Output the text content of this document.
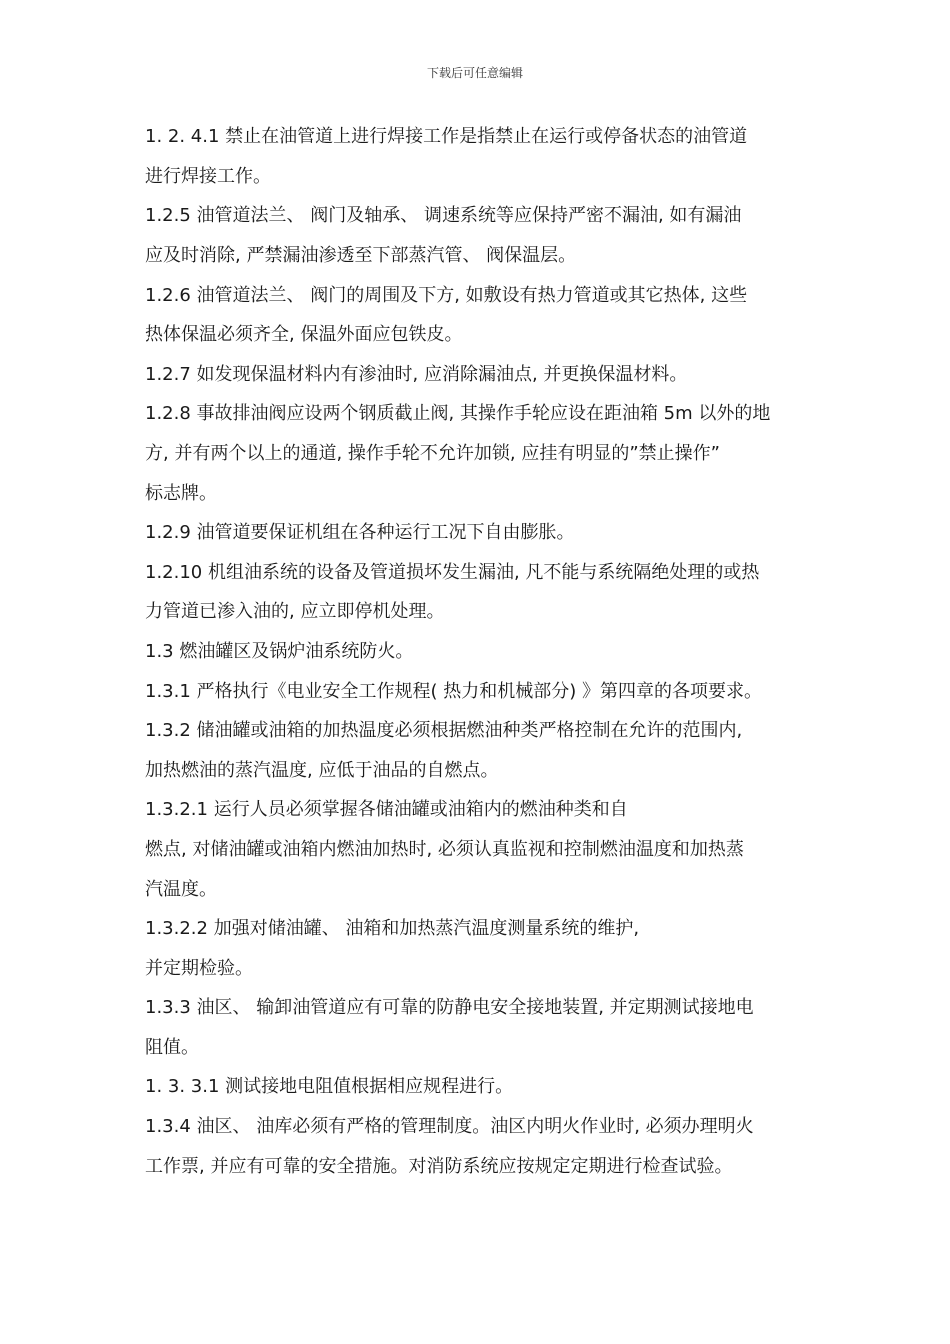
下载后可任意编辑
1. 2. 4.1 禁止在油管道上进行焊接工作是指禁止在运行或停备状态的油管道
进行焊接工作。
1.2.5 油管道法兰、 阀门及轴承、 调速系统等应保持严密不漏油, 如有漏油
应及时消除, 严禁漏油渗透至下部蒸汽管、 阀保温层。
1.2.6 油管道法兰、 阀门的周围及下方, 如敷设有热力管道或其它热体, 这些
热体保温必须齐全, 保温外面应包铁皮。
1.2.7 如发现保温材料内有渗油时, 应消除漏油点, 并更换保温材料。
1.2.8 事故排油阀应设两个钢质截止阀, 其操作手轮应设在距油箱 5m 以外的地
方, 并有两个以上的通道, 操作手轮不允许加锁, 应挂有明显的”禁止操作”
标志牌。
1.2.9 油管道要保证机组在各种运行工况下自由膨胀。
1.2.10 机组油系统的设备及管道损坏发生漏油, 凡不能与系统隔绝处理的或热
力管道已渗入油的, 应立即停机处理。
1.3 燃油罐区及锅炉油系统防火。
1.3.1 严格执行《电业安全工作规程( 热力和机械部分) 》第四章的各项要求。
1.3.2 储油罐或油箱的加热温度必须根据燃油种类严格控制在允许的范围内,
加热燃油的蒸汽温度, 应低于油品的自燃点。
1.3.2.1 运行人员必须掌握各储油罐或油箱内的燃油种类和自
燃点, 对储油罐或油箱内燃油加热时, 必须认真监视和控制燃油温度和加热蒸
汽温度。
1.3.2.2 加强对储油罐、 油箱和加热蒸汽温度测量系统的维护,
并定期检验。
1.3.3 油区、 输卸油管道应有可靠的防静电安全接地装置, 并定期测试接地电
阻值。
1. 3. 3.1 测试接地电阻值根据相应规程进行。
1.3.4 油区、 油库必须有严格的管理制度。油区内明火作业时, 必须办理明火
工作票, 并应有可靠的安全措施。对消防系统应按规定定期进行检查试验。
